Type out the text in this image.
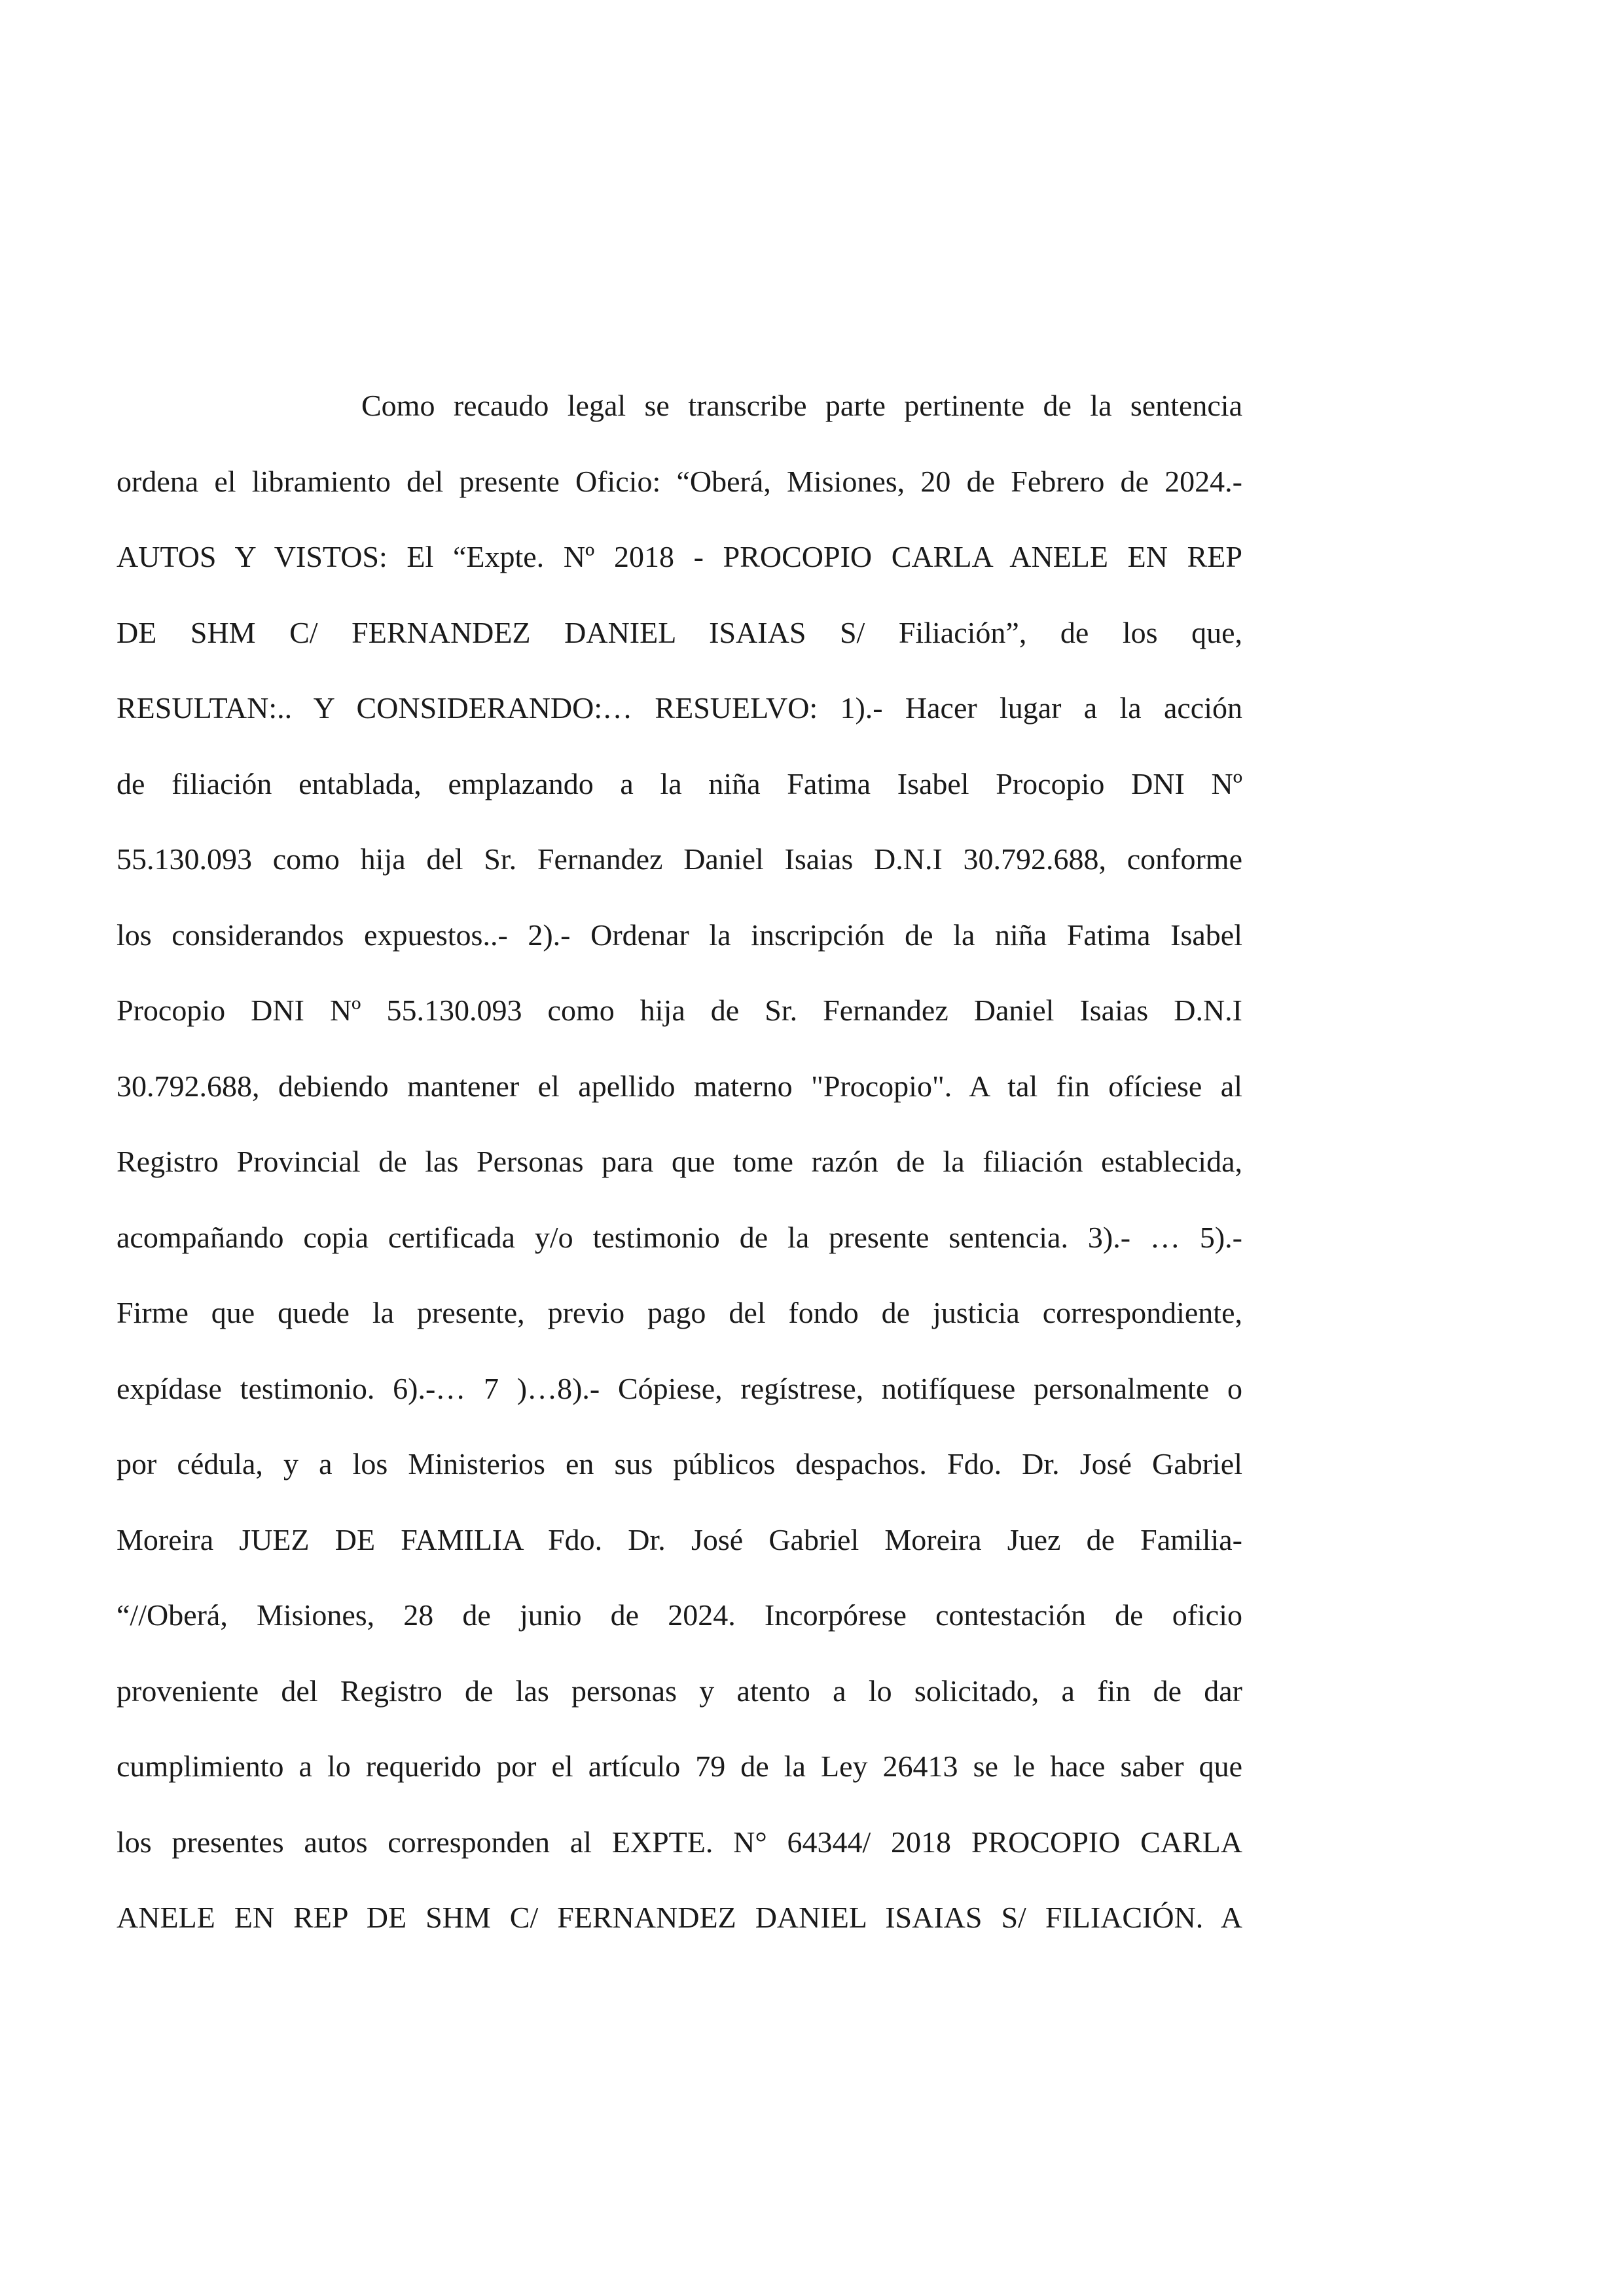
Como recaudo legal se transcribe parte pertinente de la sentencia
ordena el libramiento del presente Oficio: “Oberá, Misiones, 20 de Febrero de 2024.-
AUTOS Y VISTOS: El “Expte. Nº 2018 - PROCOPIO CARLA ANELE EN REP
DE SHM C/ FERNANDEZ DANIEL ISAIAS S/ Filiación”, de los que,
RESULTAN:.. Y CONSIDERANDO:… RESUELVO: 1).- Hacer lugar a la acción
de filiación entablada, emplazando a la niña Fatima Isabel Procopio DNI Nº
55.130.093 como hija del Sr. Fernandez Daniel Isaias D.N.I 30.792.688, conforme
los considerandos expuestos..- 2).- Ordenar la inscripción de la niña Fatima Isabel
Procopio DNI Nº 55.130.093 como hija de Sr. Fernandez Daniel Isaias D.N.I
30.792.688, debiendo mantener el apellido materno "Procopio". A tal fin ofíciese al
Registro Provincial de las Personas para que tome razón de la filiación establecida,
acompañando copia certificada y/o testimonio de la presente sentencia. 3).- … 5).-
Firme que quede la presente, previo pago del fondo de justicia correspondiente,
expídase testimonio. 6).-… 7 )…8).- Cópiese, regístrese, notifíquese personalmente o
por cédula, y a los Ministerios en sus públicos despachos. Fdo. Dr. José Gabriel
Moreira JUEZ DE FAMILIA Fdo. Dr. José Gabriel Moreira Juez de Familia-
“//Oberá, Misiones, 28 de junio de 2024. Incorpórese contestación de oficio
proveniente del Registro de las personas y atento a lo solicitado, a fin de dar
cumplimiento a lo requerido por el artículo 79 de la Ley 26413 se le hace saber que
los presentes autos corresponden al EXPTE. N° 64344/ 2018 PROCOPIO CARLA
ANELE EN REP DE SHM C/ FERNANDEZ DANIEL ISAIAS S/ FILIACIÓN. A
